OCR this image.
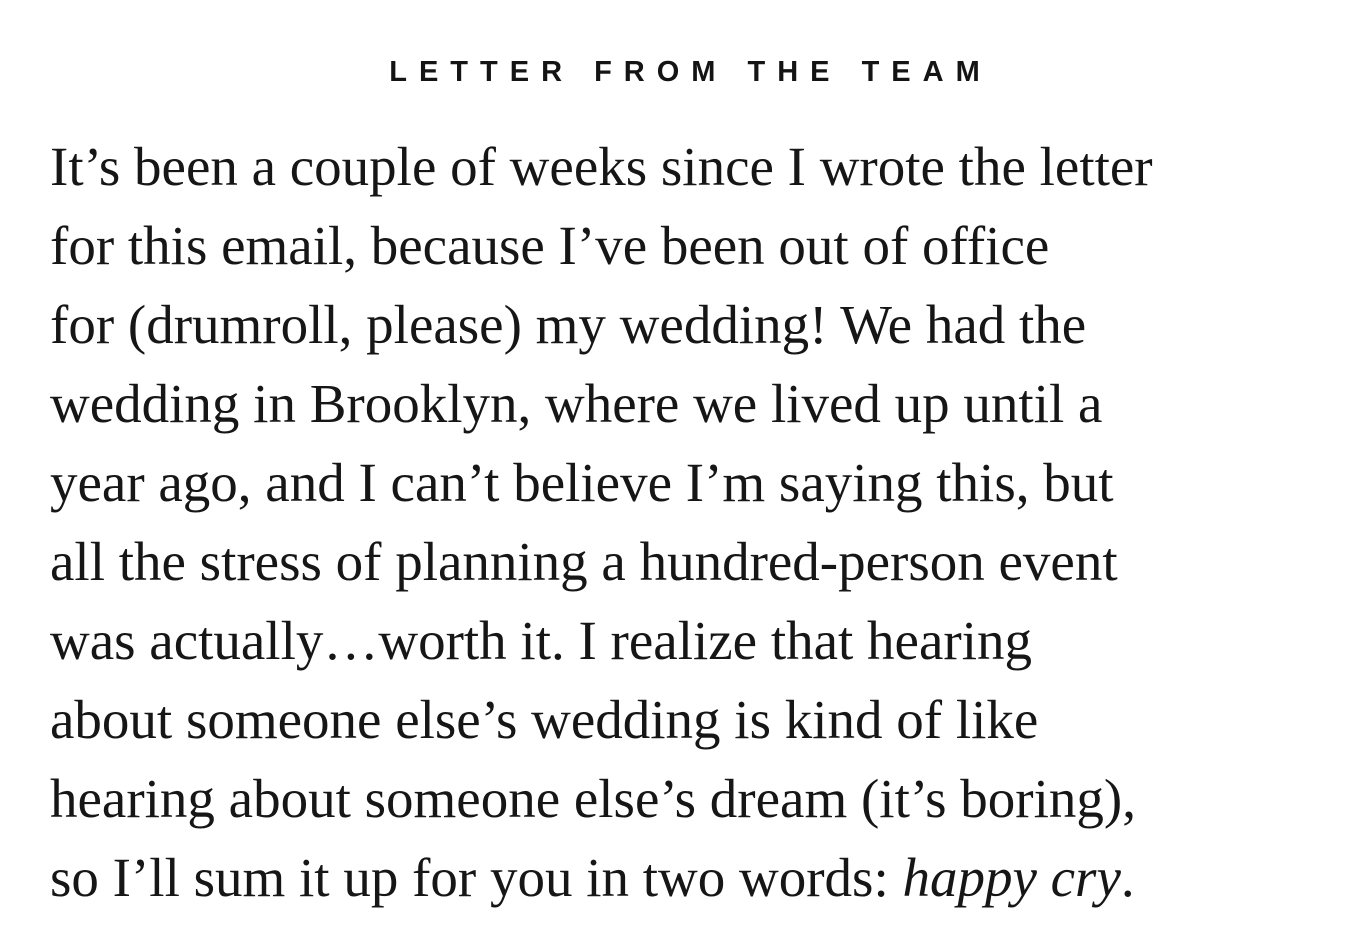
LETTER FROM THE TEAM
It’s been a couple of weeks since I wrote the letter
for this email, because I’ve been out of office
for (drumroll, please) my wedding! We had the
wedding in Brooklyn, where we lived up until a
year ago, and I can’t believe I’m saying this, but
all the stress of planning a hundred-person event
was actually…worth it. I realize that hearing
about someone else’s wedding is kind of like
hearing about someone else’s dream (it’s boring),
so I’ll sum it up for you in two words: happy cry.
